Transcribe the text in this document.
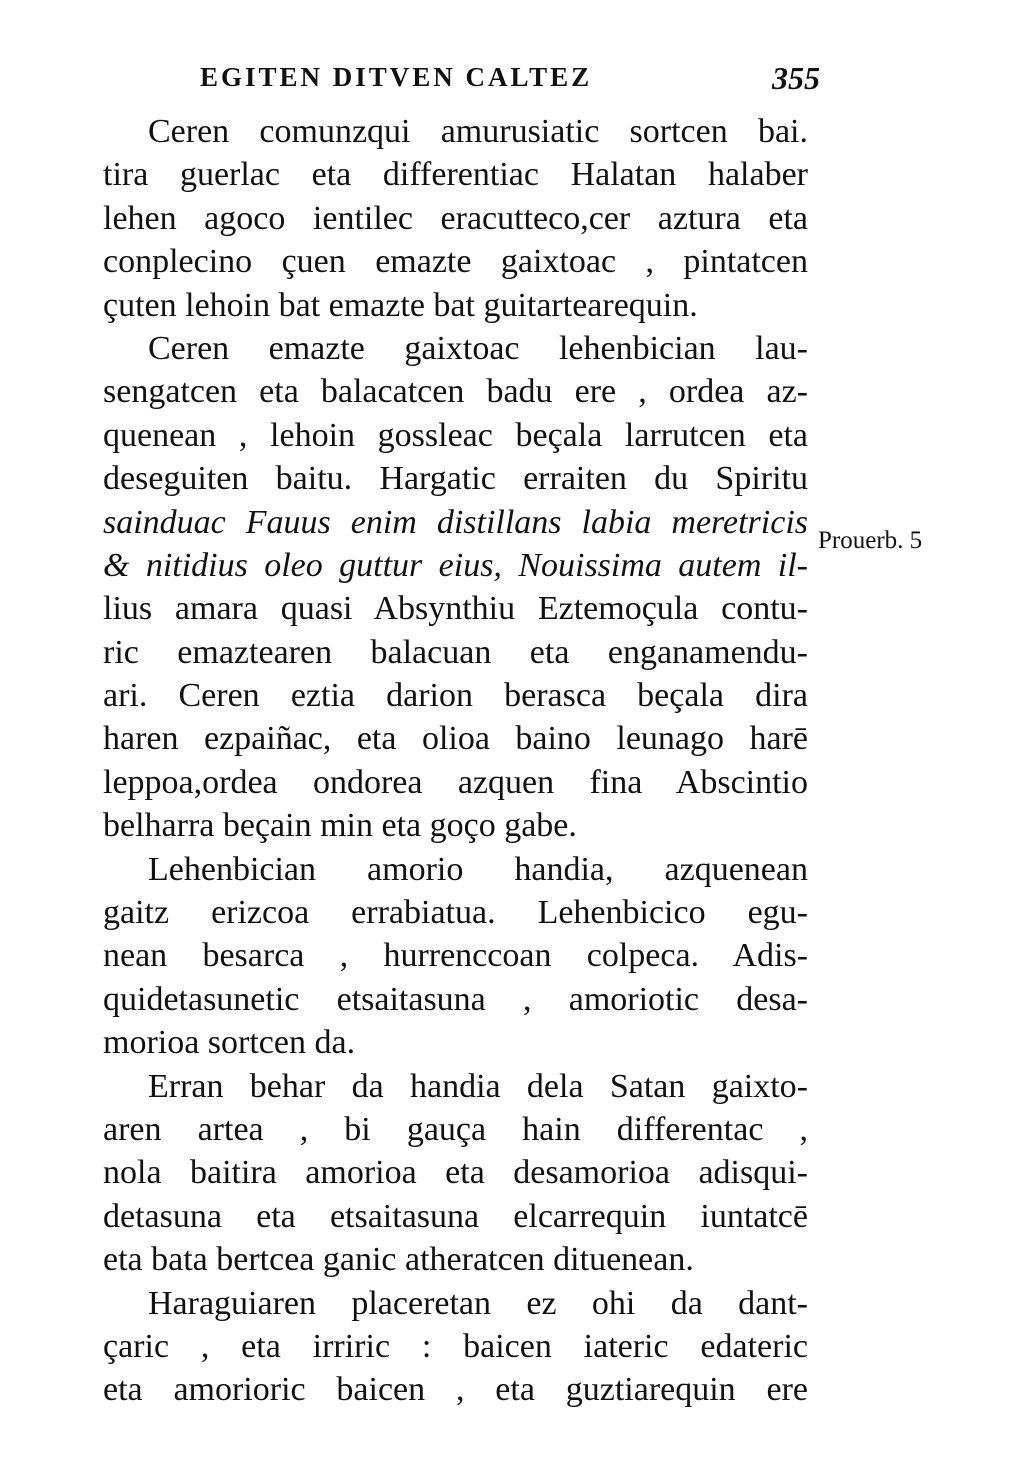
EGITEN DITVEN CALTEZ	355
Prouerb. 5
Ceren comunzqui amurusiatic sortcen bai.
tira guerlac eta differentiac Halatan halaber
lehen agoco ientilec eracutteco,cer aztura eta
conplecino çuen emazte gaixtoac , pintatcen
çuten lehoin bat emazte bat guitartearequin.
Ceren emazte gaixtoac lehenbician lau-
sengatcen eta balacatcen badu ere , ordea az-
quenean , lehoin gossleac beçala larrutcen eta
deseguiten baitu. Hargatic erraiten du Spiritu
sainduac Fauus enim distillans labia meretricis
& nitidius oleo guttur eius, Nouissima autem il-
lius amara quasi Absynthiu Eztemoçula contu-
ric emaztearen balacuan eta enganamendu-
ari. Ceren eztia darion berasca beçala dira
haren ezpaiñac, eta olioa baino leunago harē
leppoa,ordea ondorea azquen fina Abscintio
belharra beçain min eta goço gabe.
Lehenbician amorio handia, azquenean
gaitz erizcoa errabiatua. Lehenbicico egu-
nean besarca , hurrenccoan colpeca. Adis-
quidetasunetic etsaitasuna , amoriotic desa-
morioa sortcen da.
Erran behar da handia dela Satan gaixto-
aren artea , bi gauça hain differentac ,
nola baitira amorioa eta desamorioa adisqui-
detasuna eta etsaitasuna elcarrequin iuntatcē
eta bata bertcea ganic atheratcen dituenean.
Haraguiaren placeretan ez ohi da dant-
çaric , eta irriric : baicen iateric edateric
eta amorioric baicen , eta guztiarequin ere
